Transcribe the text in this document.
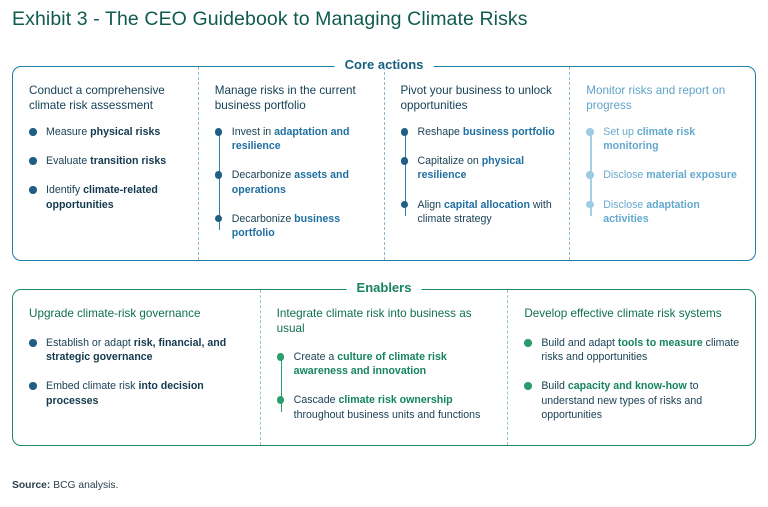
Exhibit 3 - The CEO Guidebook to Managing Climate Risks
Core actions
Conduct a comprehensive climate risk assessment
Measure physical risks
Evaluate transition risks
Identify climate-related opportunities
Manage risks in the current business portfolio
Invest in adaptation and resilience
Decarbonize assets and operations
Decarbonize business portfolio
Pivot your business to unlock opportunities
Reshape business portfolio
Capitalize on physical resilience
Align capital allocation with climate strategy
Monitor risks and report on progress
Set up climate risk monitoring
Disclose material exposure
Disclose adaptation activities
Enablers
Upgrade climate-risk governance
Establish or adapt risk, financial, and strategic governance
Embed climate risk into decision processes
Integrate climate risk into business as usual
Create a culture of climate risk awareness and innovation
Cascade climate risk ownership throughout business units and functions
Develop effective climate risk systems
Build and adapt tools to measure climate risks and opportunities
Build capacity and know-how to understand new types of risks and opportunities
Source: BCG analysis.
